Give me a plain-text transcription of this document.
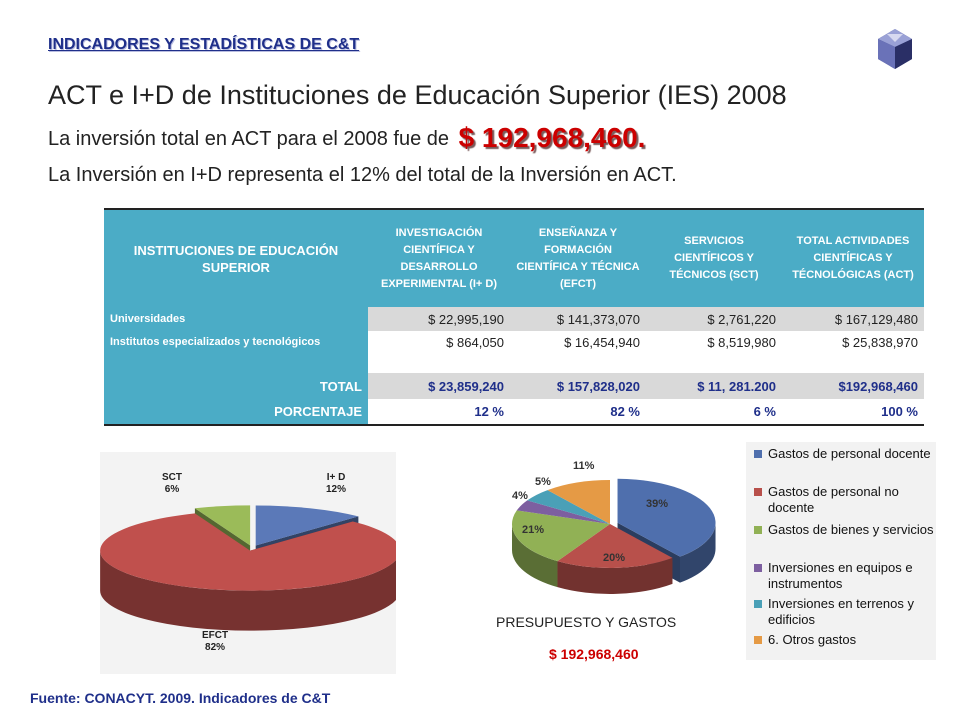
INDICADORES Y ESTADÍSTICAS DE C&T
ACT e I+D de Instituciones de Educación Superior (IES) 2008
La inversión total en ACT para el 2008 fue de $ 192,968,460.
La Inversión en I+D representa el 12% del total de la Inversión en ACT.
INSTITUCIONES DE EDUCACIÓN SUPERIOR	INVESTIGACIÓN CIENTÍFICA Y DESARROLLO EXPERIMENTAL (I+ D)	ENSEÑANZA Y FORMACIÓN CIENTÍFICA Y TÉCNICA (EFCT)	SERVICIOS CIENTÍFICOS Y TÉCNICOS (SCT)	TOTAL ACTIVIDADES CIENTÍFICAS Y TÉCNOLÓGICAS (ACT)
Universidades	$ 22,995,190	$ 141,373,070	$ 2,761,220	$ 167,129,480
Institutos especializados y tecnológicos	$ 864,050	$ 16,454,940	$ 8,519,980	$ 25,838,970
TOTAL	$ 23,859,240	$ 157,828,020	$ 11, 281.200	$192,968,460
PORCENTAJE	12 %	82 %	6 %	100 %
SCT
6%
I+ D
12%
EFCT
82%
11%
5%
4%
21%
39%
20%
Gastos de personal docente
Gastos de personal no docente
Gastos de bienes y servicios
Inversiones en equipos e instrumentos
Inversiones en terrenos y edificios
6. Otros gastos
PRESUPUESTO Y GASTOS
$ 192,968,460
Fuente: CONACYT. 2009. Indicadores de C&T
